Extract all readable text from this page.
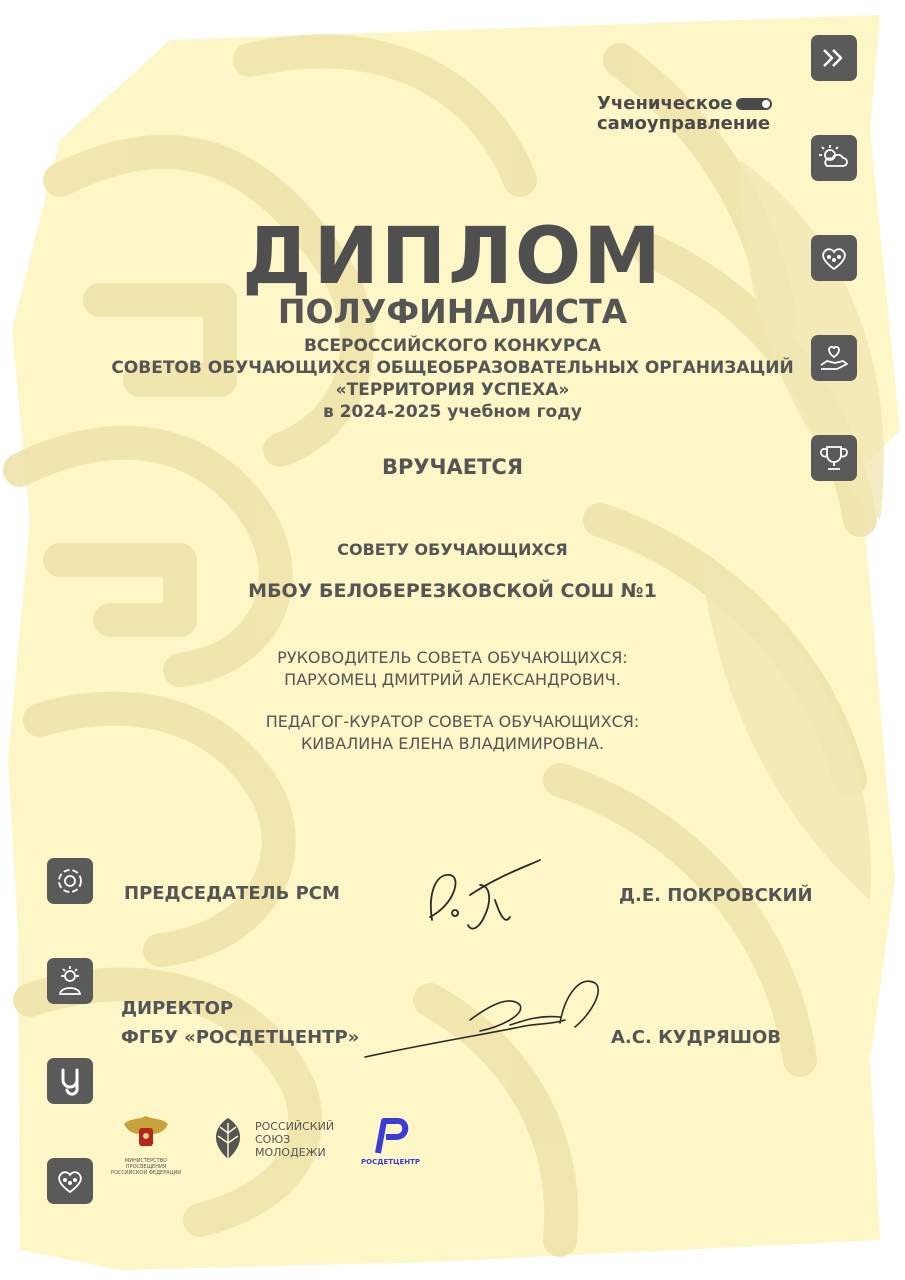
Ученическое
самоуправление
ДИПЛОМ
ПОЛУФИНАЛИСТА
ВСЕРОССИЙСКОГО КОНКУРСА
СОВЕТОВ ОБУЧАЮЩИХСЯ ОБЩЕОБРАЗОВАТЕЛЬНЫХ ОРГАНИЗАЦИЙ
«ТЕРРИТОРИЯ УСПЕХА»
в 2024-2025 учебном году
ВРУЧАЕТСЯ
СОВЕТУ ОБУЧАЮЩИХСЯ
МБОУ БЕЛОБЕРЕЗКОВСКОЙ СОШ №1
РУКОВОДИТЕЛЬ СОВЕТА ОБУЧАЮЩИХСЯ:
ПАРХОМЕЦ ДМИТРИЙ АЛЕКСАНДРОВИЧ.
ПЕДАГОГ-КУРАТОР СОВЕТА ОБУЧАЮЩИХСЯ:
КИВАЛИНА ЕЛЕНА ВЛАДИМИРОВНА.
ПРЕДСЕДАТЕЛЬ РСМ	Д.Е. ПОКРОВСКИЙ
ДИРЕКТОР
ФГБУ «РОСДЕТЦЕНТР»	А.С. КУДРЯШОВ
МИНИСТЕРСТВО ПРОСВЕЩЕНИЯ РОССИЙСКОЙ ФЕДЕРАЦИИ
РОССИЙСКИЙ
СОЮЗ
МОЛОДЕЖИ
РОСДЕТЦЕНТР
